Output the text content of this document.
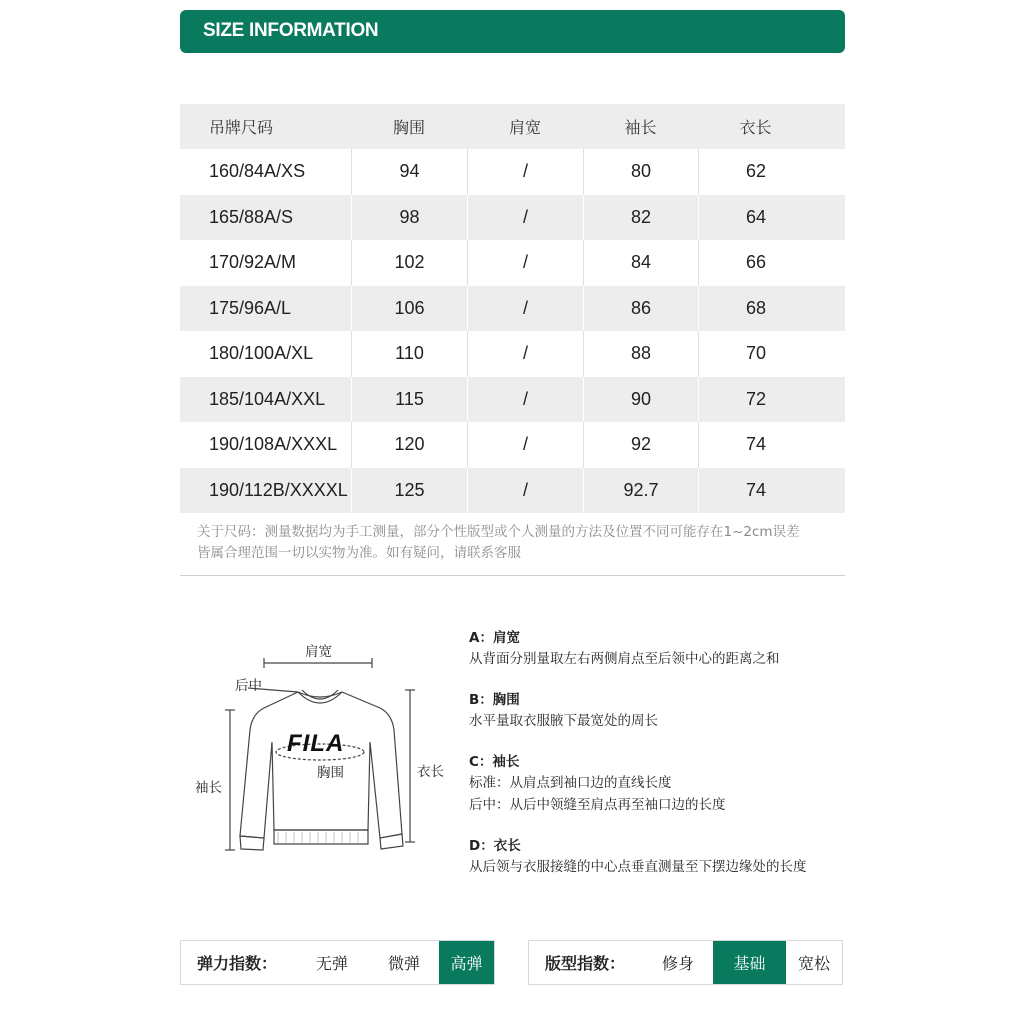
SIZE INFORMATION
吊牌尺码	胸围	肩宽	袖长	衣长
160/84A/XS	94	/	80	62
165/88A/S	98	/	82	64
170/92A/M	102	/	84	66
175/96A/L	106	/	86	68
180/100A/XL	110	/	88	70
185/104A/XXL	115	/	90	72
190/108A/XXXL	120	/	92	74
190/112B/XXXXL	125	/	92.7	74
关于尺码：测量数据均为手工测量，部分个性版型或个人测量的方法及位置不同可能存在1~2cm误差
皆属合理范围一切以实物为准。如有疑问，请联系客服
肩宽
后中
FILA
胸围
袖长
衣长
A：肩宽
从背面分别量取左右两侧肩点至后领中心的距离之和
B：胸围
水平量取衣服腋下最宽处的周长
C：袖长
标准：从肩点到袖口边的直线长度
后中：从后中领缝至肩点再至袖口边的长度
D：衣长
从后领与衣服接缝的中心点垂直测量至下摆边缘处的长度
弹力指数：	无弹	微弹	高弹	版型指数：	修身	基础	宽松
